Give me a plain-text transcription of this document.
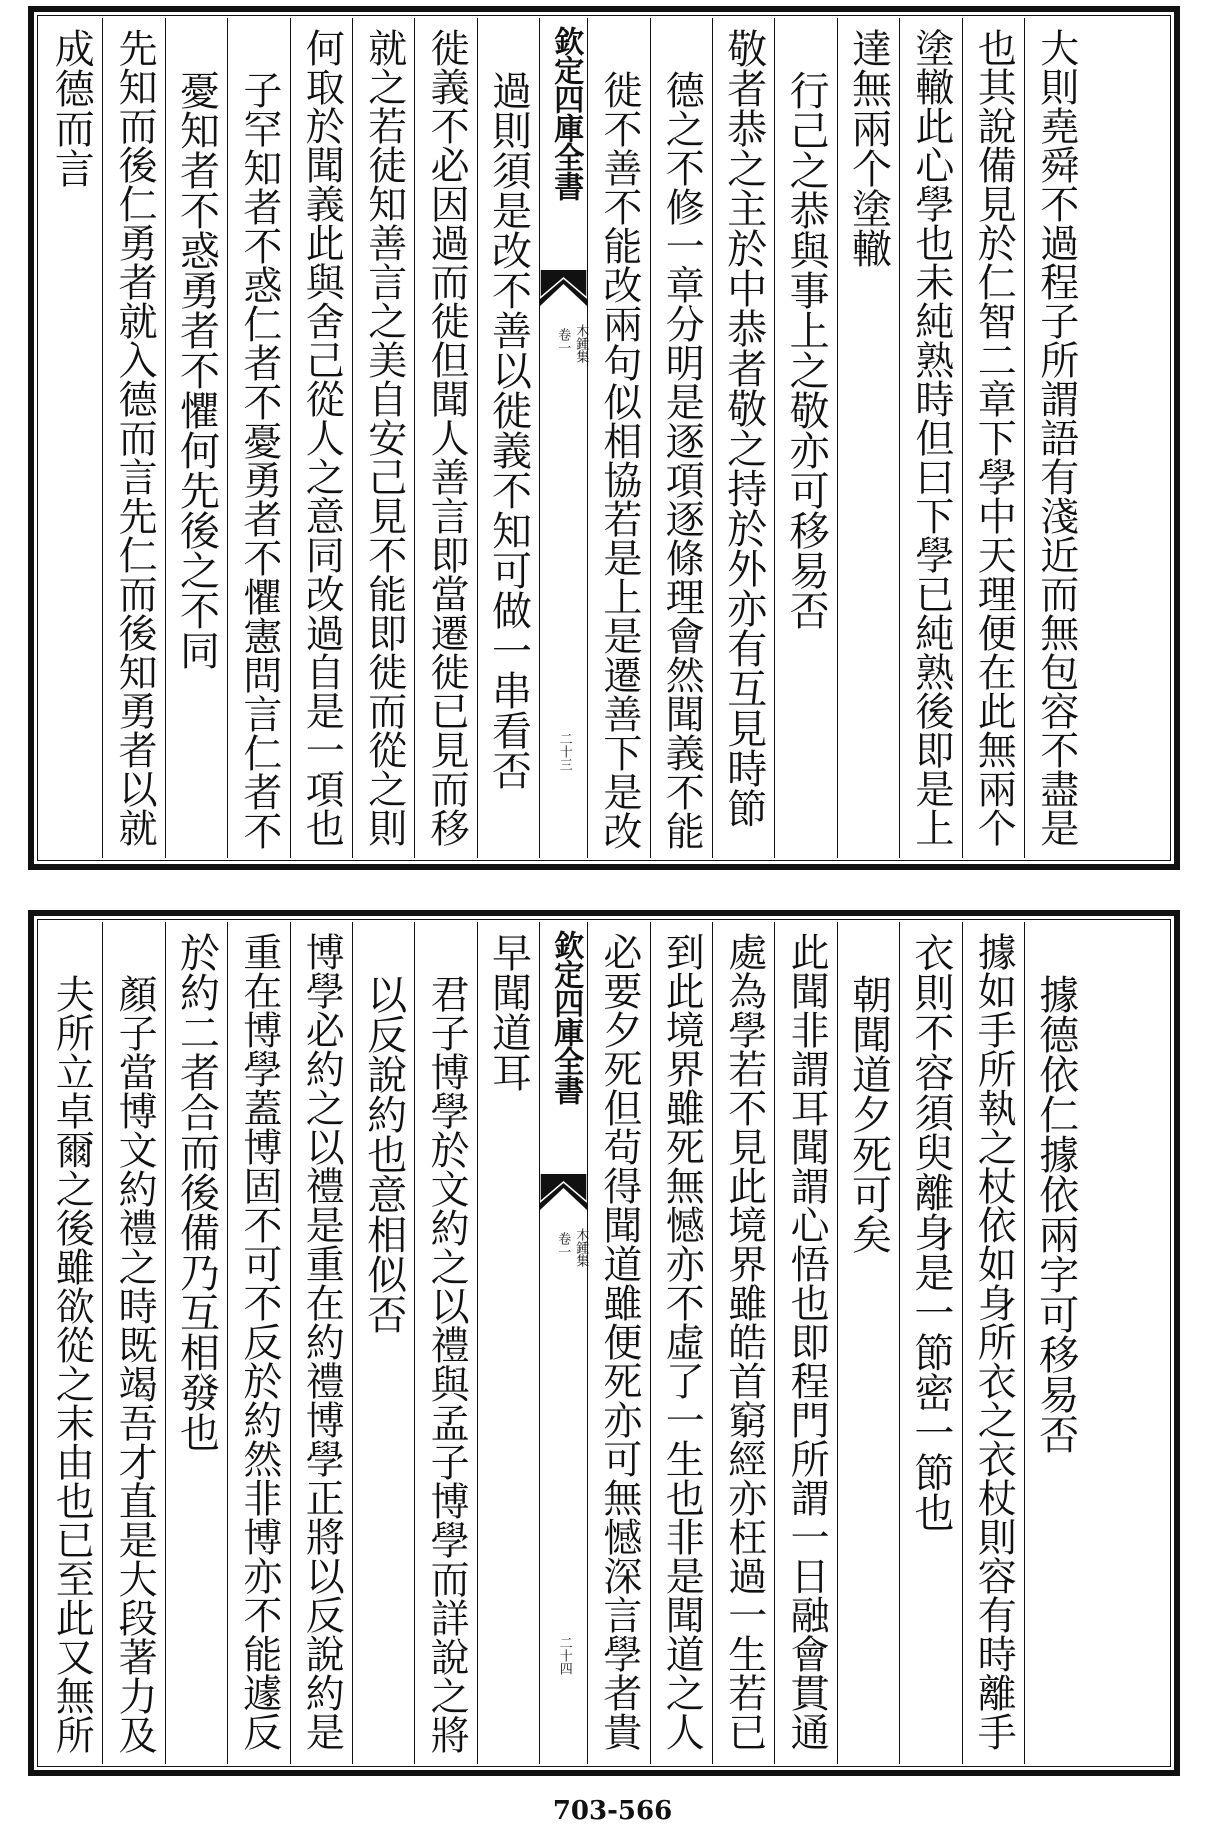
過則須是改不善以徙義不知可做一串看否
徙義不必因過而徙但聞人善言即當遷徙已見而移
就之若徒知善言之美自安己見不能即徙而從之則
何取於聞義此與舍己從人之意同改過自是一項也
子罕知者不惑仁者不憂勇者不懼憲問言仁者不
憂知者不惑勇者不懼何先後之不同
先知而後仁勇者就入德而言先仁而後知勇者以就
成德而言	欽定四庫全書
木鍾集
卷一
二十三	大則堯舜不過程子所謂語有淺近而無包容不盡是
也其說備見於仁智二章下學中天理便在此無兩个
塗轍此心學也未純熟時但曰下學已純熟後即是上
達無兩个塗轍
行己之恭與事上之敬亦可移易否
敬者恭之主於中恭者敬之持於外亦有互見時節
德之不修一章分明是逐項逐條理會然聞義不能
徙不善不能改兩句似相協若是上是遷善下是改
早聞道耳
君子博學於文約之以禮與孟子博學而詳說之將
以反說約也意相似否
博學必約之以禮是重在約禮博學正將以反說約是
重在博學蓋博固不可不反於約然非博亦不能遽反
於約二者合而後備乃互相發也
顏子當博文約禮之時既竭吾才直是大段著力及
夫所立卓爾之後雖欲從之末由也已至此又無所	欽定四庫全書
木鍾集
卷一
二十四
據德依仁據依兩字可移易否
據如手所執之杖依如身所衣之衣杖則容有時離手
衣則不容須臾離身是一節密一節也
朝聞道夕死可矣
此聞非謂耳聞謂心悟也即程門所謂一日融會貫通
處為學若不見此境界雖皓首窮經亦枉過一生若已
到此境界雖死無憾亦不虛了一生也非是聞道之人
必要夕死但茍得聞道雖便死亦可無憾深言學者貴
703-566
